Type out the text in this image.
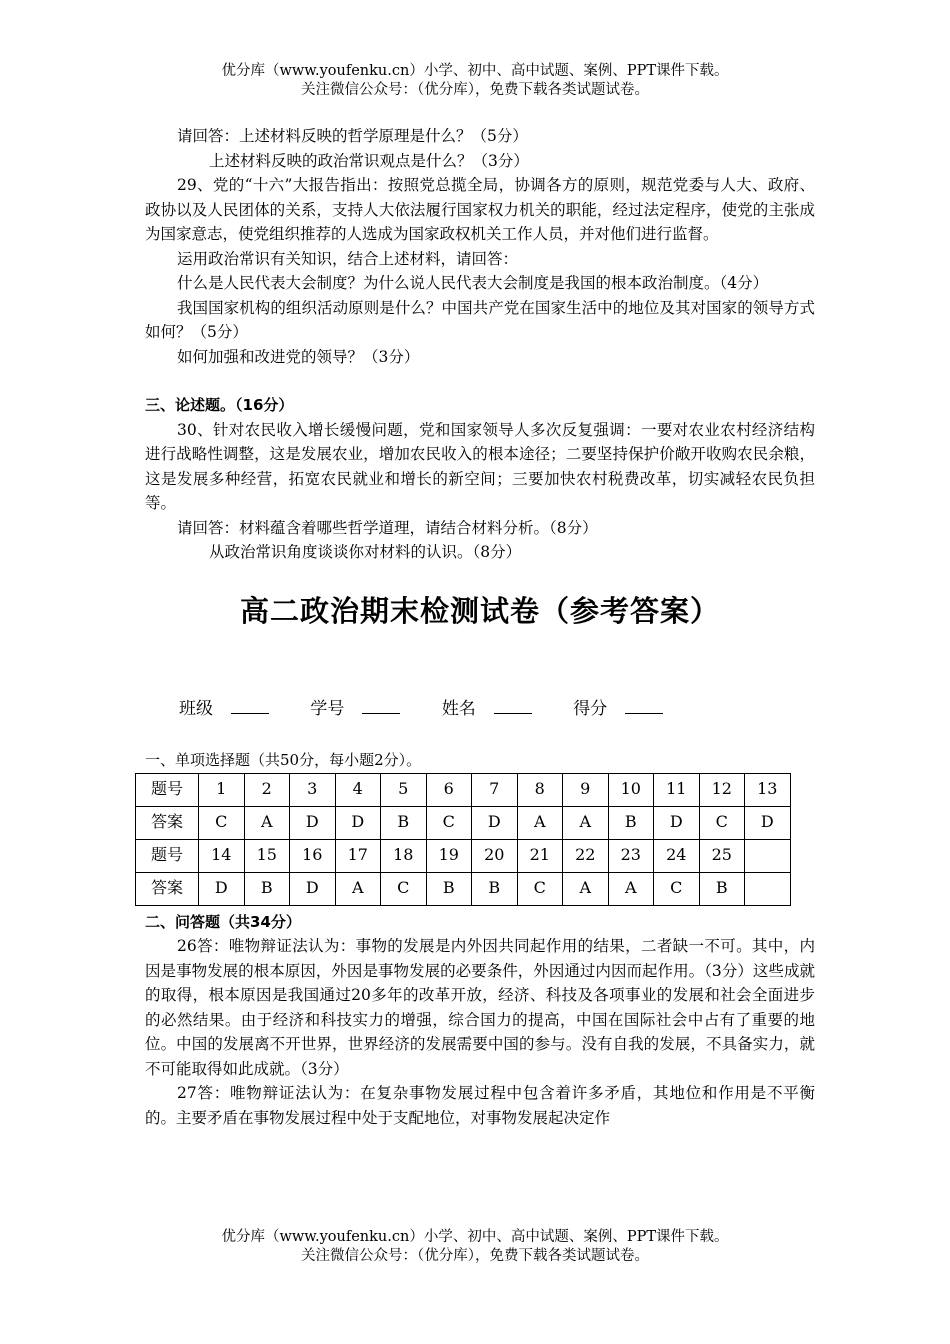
优分库（www.youfenku.cn）小学、初中、高中试题、案例、PPT课件下载。
关注微信公众号：（优分库），免费下载各类试题试卷。

请回答：上述材料反映的哲学原理是什么？（5分）

上述材料反映的政治常识观点是什么？（3分）

29、党的“十六”大报告指出：按照党总揽全局，协调各方的原则，规范党委与人大、政府、政协以及人民团体的关系，支持人大依法履行国家权力机关的职能，经过法定程序，使党的主张成为国家意志，使党组织推荐的人选成为国家政权机关工作人员，并对他们进行监督。

运用政治常识有关知识，结合上述材料，请回答：

什么是人民代表大会制度？为什么说人民代表大会制度是我国的根本政治制度。（4分）

我国国家机构的组织活动原则是什么？中国共产党在国家生活中的地位及其对国家的领导方式如何？（5分）

如何加强和改进党的领导？（3分）

三、论述题。（16分）

30、针对农民收入增长缓慢问题，党和国家领导人多次反复强调：一要对农业农村经济结构进行战略性调整，这是发展农业，增加农民收入的根本途径；二要坚持保护价敞开收购农民余粮，这是发展多种经营，拓宽农民就业和增长的新空间；三要加快农村税费改革，切实减轻农民负担等。

请回答：材料蕴含着哪些哲学道理，请结合材料分析。（8分）

从政治常识角度谈谈你对材料的认识。（8分）

高二政治期末检测试卷（参考答案）

班级	学号	姓名	得分

一、单项选择题（共50分，每小题2分）。

题号	1	2	3	4	5	6	7	8	9	10	11	12	13
答案	C	A	D	D	B	C	D	A	A	B	D	C	D
题号	14	15	16	17	18	19	20	21	22	23	24	25	
答案	D	B	D	A	C	B	B	C	A	A	C	B	

二、问答题（共34分）

26答：唯物辩证法认为：事物的发展是内外因共同起作用的结果，二者缺一不可。其中，内因是事物发展的根本原因，外因是事物发展的必要条件，外因通过内因而起作用。（3分）这些成就的取得，根本原因是我国通过20多年的改革开放，经济、科技及各项事业的发展和社会全面进步的必然结果。由于经济和科技实力的增强，综合国力的提高，中国在国际社会中占有了重要的地位。中国的发展离不开世界，世界经济的发展需要中国的参与。没有自我的发展，不具备实力，就不可能取得如此成就。（3分）

27答：唯物辩证法认为：在复杂事物发展过程中包含着许多矛盾，其地位和作用是不平衡的。主要矛盾在事物发展过程中处于支配地位，对事物发展起决定作

优分库（www.youfenku.cn）小学、初中、高中试题、案例、PPT课件下载。
关注微信公众号：（优分库），免费下载各类试题试卷。
